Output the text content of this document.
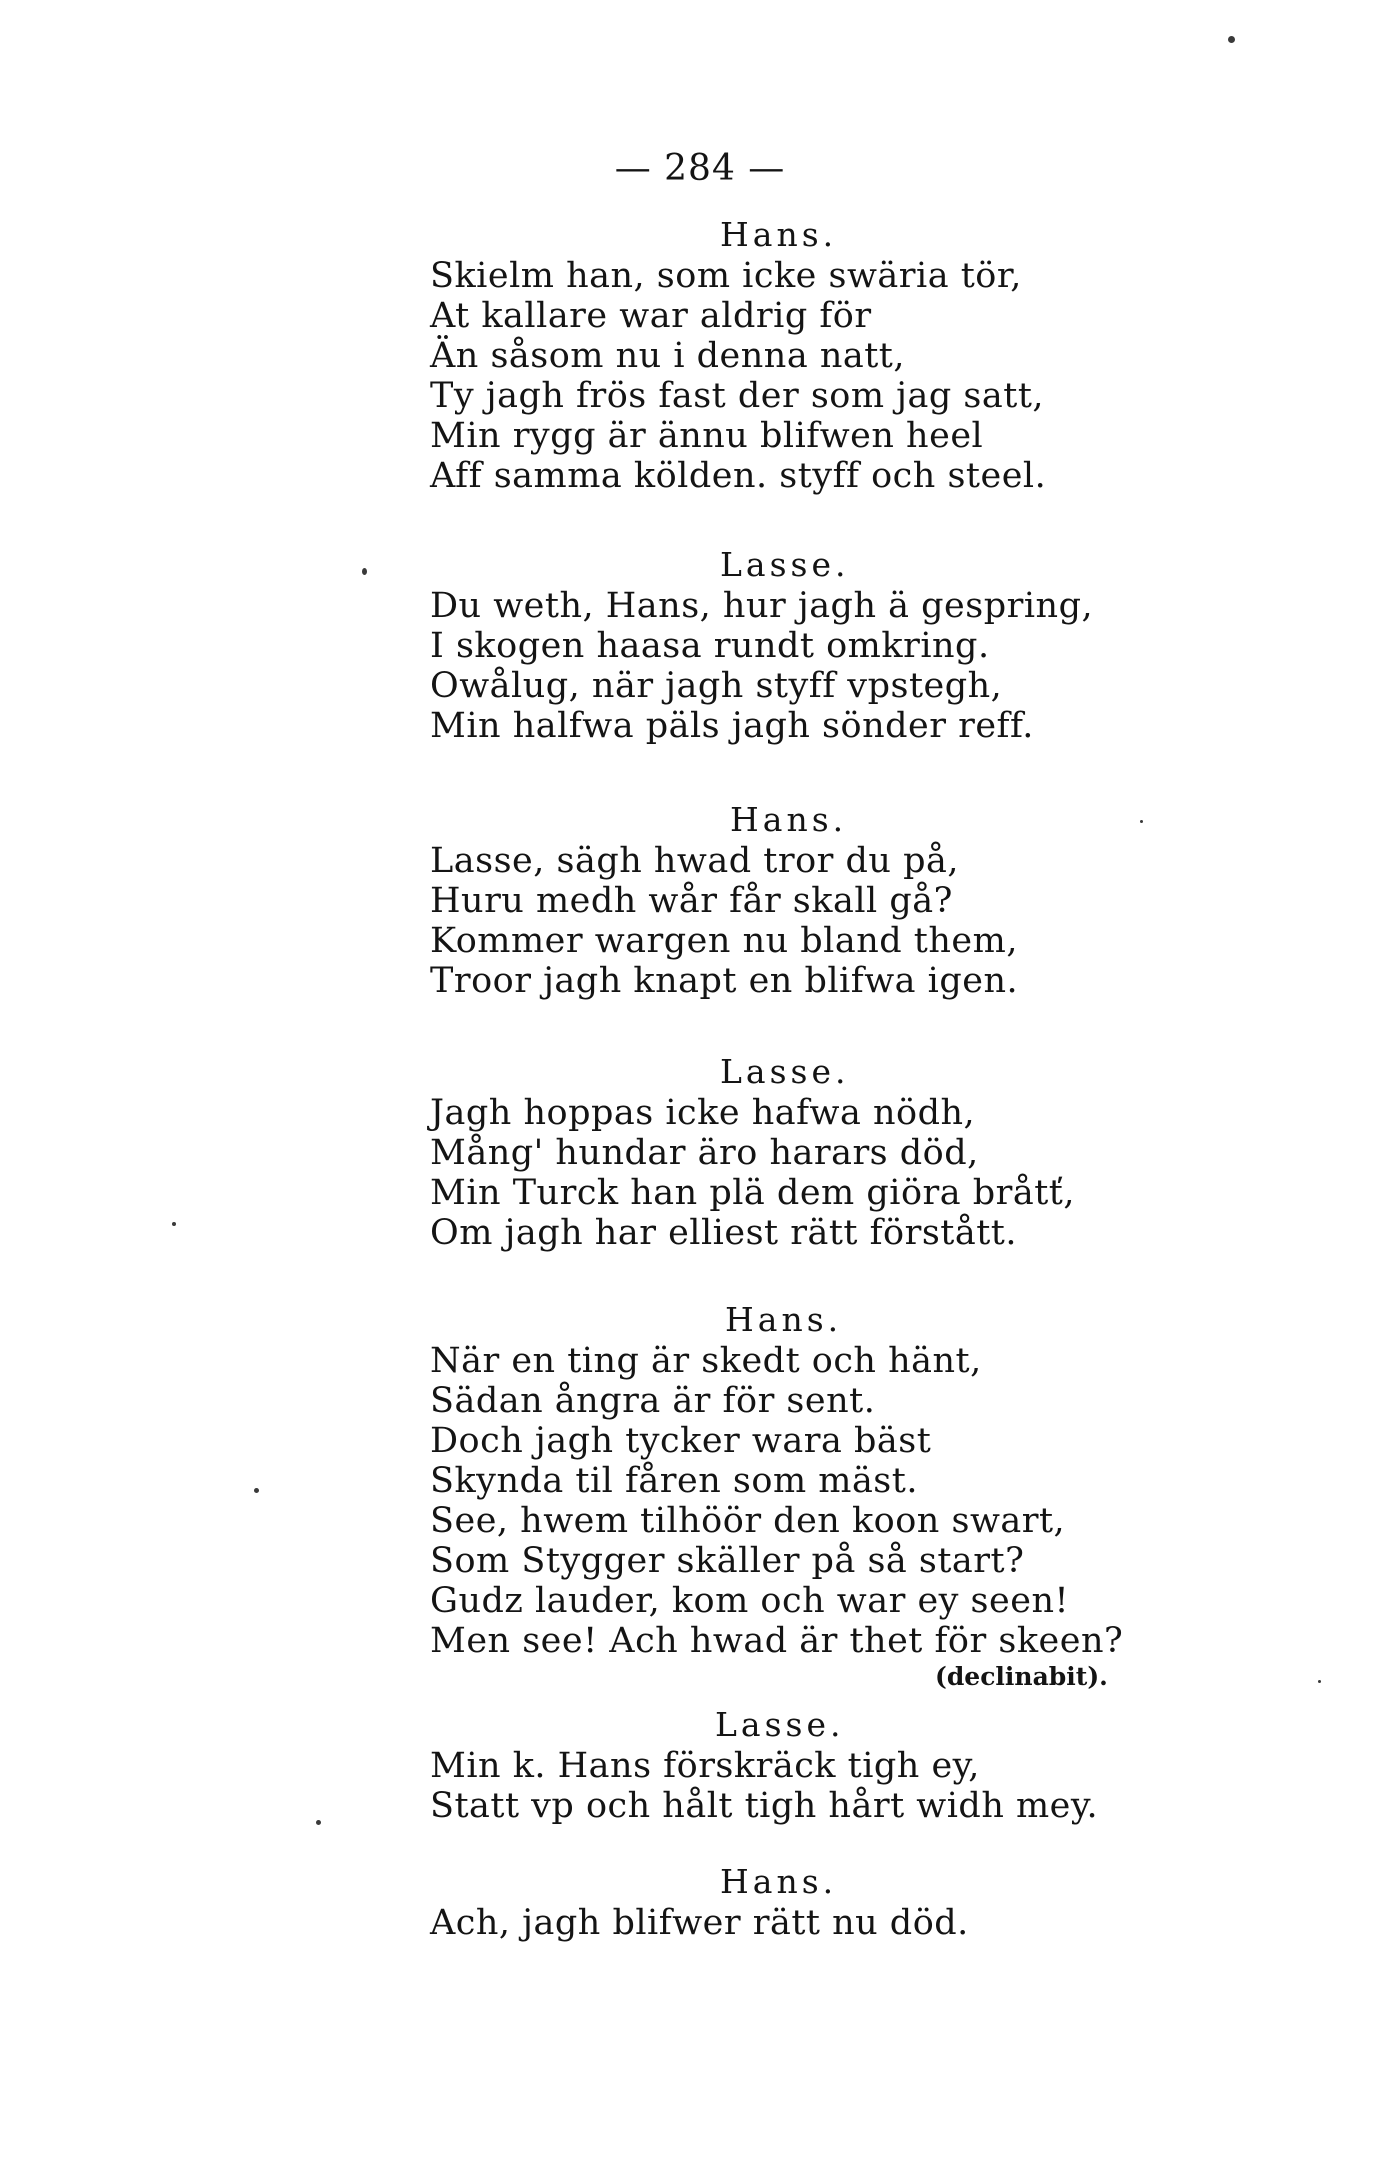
— 284 —
Hans.
Skielm han, som icke swäria tör,
At kallare war aldrig för
Än såsom nu i denna natt,
Ty jagh frös fast der som jag satt,
Min rygg är ännu blifwen heel
Aff samma kölden. styff och steel.
Lasse.
Du weth, Hans, hur jagh ä gespring,
I skogen haasa rundt omkring.
Owålug, när jagh styff vpstegh,
Min halfwa päls jagh sönder reff.
Hans.
Lasse, sägh hwad tror du på,
Huru medh wår får skall gå?
Kommer wargen nu bland them,
Troor jagh knapt en blifwa igen.
Lasse.
Jagh hoppas icke hafwa nödh,
Mång' hundar äro harars död,
Min Turck han plä dem giöra bråtť,
Om jagh har elliest rätt förstått.
Hans.
När en ting är skedt och hänt,
Sädan ångra är för sent.
Doch jagh tycker wara bäst
Skynda til fåren som mäst.
See, hwem tilhöör den koon swart,
Som Stygger skäller på så start?
Gudz lauder, kom och war ey seen!
Men see! Ach hwad är thet för skeen?
(declinabit).
Lasse.
Min k. Hans förskräck tigh ey,
Statt vp och hålt tigh hårt widh mey.
Hans.
Ach, jagh blifwer rätt nu död.
